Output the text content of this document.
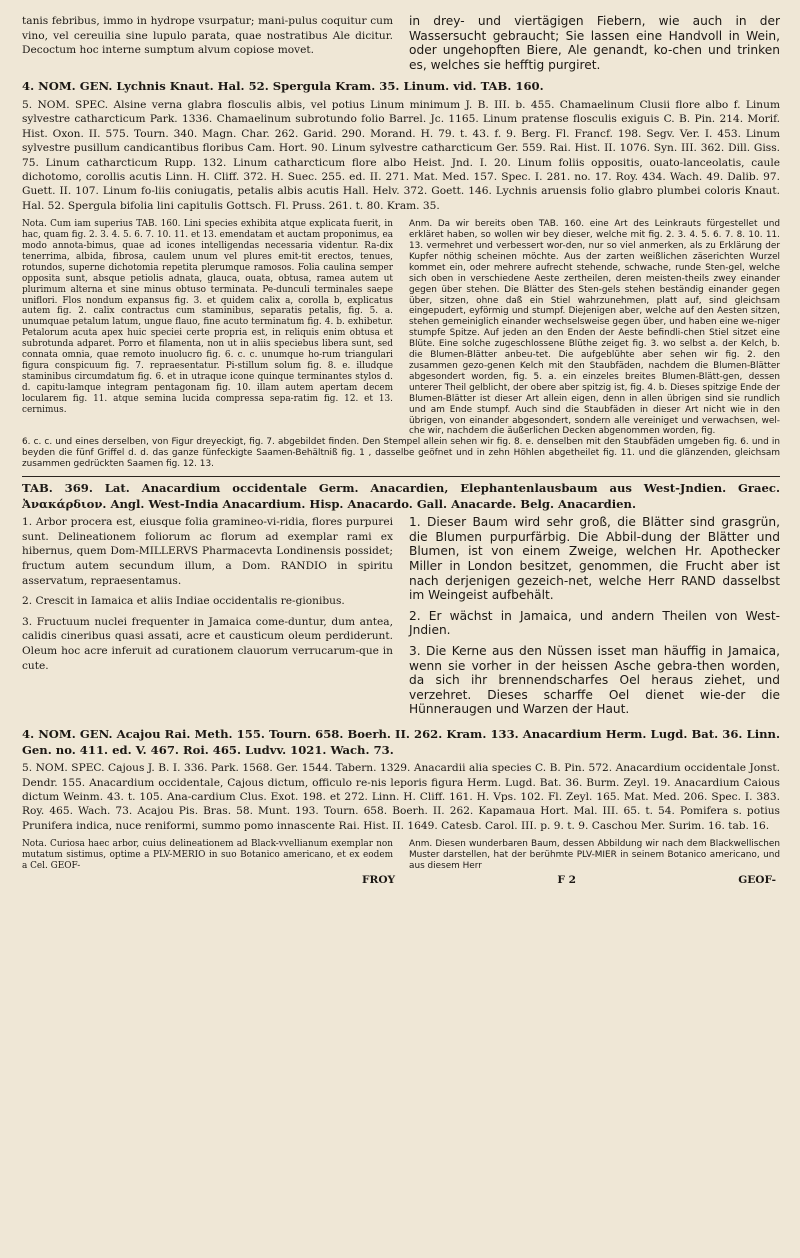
tanis febribus, immo in hydrope vsurpatur; mani-pulus coquitur cum vino, vel cereuilia sine lupulo parata, quae nostratibus Ale dicitur. Decoctum hoc interne sumptum alvum copiose movet.

in drey- und viertägigen Fiebern, wie auch in der Wassersucht gebraucht; Sie lassen eine Handvoll in Wein, oder ungehopften Biere, Ale genandt, ko-chen und trinken es, welches sie hefftig purgiret.

4. NOM. GEN. Lychnis Knaut. Hal. 52. Spergula Kram. 35. Linum. vid. TAB. 160.

5. NOM. SPEC. Alsine verna glabra flosculis albis, vel potius Linum minimum J. B. III. b. 455. Chamaelinum Clusii flore albo f. Linum sylvestre catharcticum Park. 1336. Chamaelinum subrotundo folio Barrel. Jc. 1165. Linum pratense flosculis exiguis C. B. Pin. 214. Morif. Hist. Oxon. II. 575. Tourn. 340. Magn. Char. 262. Garid. 290. Morand. H. 79. t. 43. f. 9. Berg. Fl. Francf. 198. Segv. Ver. I. 453. Linum sylvestre pusillum candicantibus floribus Cam. Hort. 90. Linum sylvestre catharcticum Ger. 559. Rai. Hist. II. 1076. Syn. III. 362. Dill. Giss. 75. Linum catharcticum Rupp. 132. Linum catharcticum flore albo Heist. Jnd. I. 20. Linum foliis oppositis, ouato-lanceolatis, caule dichotomo, corollis acutis Linn. H. Cliff. 372. H. Suec. 255. ed. II. 271. Mat. Med. 157. Spec. I. 281. no. 17. Roy. 434. Wach. 49. Dalib. 97. Guett. II. 107. Linum fo-liis coniugatis, petalis albis acutis Hall. Helv. 372. Goett. 146. Lychnis aruensis folio glabro plumbei coloris Knaut. Hal. 52. Spergula bifolia lini capitulis Gottsch. Fl. Pruss. 261. t. 80. Kram. 35.

Nota. Cum iam superius TAB. 160. Lini species exhibita atque explicata fuerit, in hac, quam fig. 2. 3. 4. 5. 6. 7. 10. 11. et 13. emendatam et auctam proponimus, ea modo annota-bimus, quae ad icones intelligendas necessaria videntur. Ra-dix tenerrima, albida, fibrosa, caulem unum vel plures emit-tit erectos, tenues, rotundos, superne dichotomia repetita plerumque ramosos. Folia caulina semper opposita sunt, absque petiolis adnata, glauca, ouata, obtusa, ramea autem ut plurimum alterna et sine minus obtuso terminata. Pe-dunculi terminales saepe uniflori. Flos nondum expansus fig. 3. et quidem calix a, corolla b, explicatus autem fig. 2. calix contractus cum staminibus, separatis petalis, fig. 5. a. unumquae petalum latum, ungue flauo, fine acuto terminatum fig. 4. b. exhibetur. Petalorum acuta apex huic speciei certe propria est, in reliquis enim obtusa et subrotunda adparet. Porro et filamenta, non ut in aliis speciebus libera sunt, sed connata omnia, quae remoto inuolucro fig. 6. c. c. unumque ho-rum triangulari figura conspicuum fig. 7. repraesentatur. Pi-stillum solum fig. 8. e. illudque staminibus circumdatum fig. 6. et in utraque icone quinque terminantes stylos d. d. capitu-lamque integram pentagonam fig. 10. illam autem apertam decem locularem fig. 11. atque semina lucida compressa sepa-ratim fig. 12. et 13. cernimus.

Anm. Da wir bereits oben TAB. 160. eine Art des Leinkrauts fürgestellet und erkläret haben, so wollen wir bey dieser, welche mit fig. 2. 3. 4. 5. 6. 7. 8. 10. 11. 13. vermehret und verbessert wor-den, nur so viel anmerken, als zu Erklärung der Kupfer nöthig scheinen möchte. Aus der zarten weißlichen zäserichten Wurzel kommet ein, oder mehrere aufrecht stehende, schwache, runde Sten-gel, welche sich oben in verschiedene Aeste zertheilen, deren meisten-theils zwey einander gegen über stehen. Die Blätter des Sten-gels stehen beständig einander gegen über, sitzen, ohne daß ein Stiel wahrzunehmen, platt auf, sind gleichsam eingepudert, eyförmig und stumpf. Diejenigen aber, welche auf den Aesten sitzen, stehen gemeiniglich einander wechselsweise gegen über, und haben eine we-niger stumpfe Spitze. Auf jeden an den Enden der Aeste befindli-chen Stiel sitzet eine Blüte. Eine solche zugeschlossene Blüthe zeiget fig. 3. wo selbst a. der Kelch, b. die Blumen-Blätter anbeu-tet. Die aufgeblühte aber sehen wir fig. 2. den zusammen gezo-genen Kelch mit den Staubfäden, nachdem die Blumen-Blätter abgesondert worden, fig. 5. a. ein einzeles breites Blumen-Blätt-gen, dessen unterer Theil gelblicht, der obere aber spitzig ist, fig. 4. b. Dieses spitzige Ende der Blumen-Blätter ist dieser Art allein eigen, denn in allen übrigen sind sie rundlich und am Ende stumpf. Auch sind die Staubfäden in dieser Art nicht wie in den übrigen, von einander abgesondert, sondern alle vereiniget und verwachsen, wel-che wir, nachdem die äußerlichen Decken abgenommen worden, fig.

6. c. c. und eines derselben, von Figur dreyeckigt, fig. 7. abgebildet finden. Den Stempel allein sehen wir fig. 8. e. denselben mit den Staubfäden umgeben fig. 6. und in beyden die fünf Griffel d. d. das ganze fünfeckigte Saamen-Behältniß fig. 1 , dasselbe geöfnet und in zehn Höhlen abgetheilet fig. 11. und die glänzenden, gleichsam zusammen gedrückten Saamen fig. 12. 13.

TAB. 369. Lat. Anacardium occidentale Germ. Anacardien, Elephantenlausbaum aus West-Jndien. Graec. Ἀνακάρδιον. Angl. West-India Anacardium. Hisp. Anacardo. Gall. Anacarde. Belg. Anacardien.

1. Arbor procera est, eiusque folia gramineo-vi-ridia, flores purpurei sunt. Delineationem foliorum ac florum ad exemplar rami ex hibernus, quem Dom-MILLERVS Pharmacevta Londinensis possidet; fructum autem secundum illum, a Dom. RANDIO in spiritu asservatum, repraesentamus.

2. Crescit in Iamaica et aliis Indiae occidentalis re-gionibus.

3. Fructuum nuclei frequenter in Jamaica come-duntur, dum antea, calidis cineribus quasi assati, acre et causticum oleum perdiderunt. Oleum hoc acre inferuit ad curationem clauorum verrucarum-que in cute.

1. Dieser Baum wird sehr groß, die Blätter sind grasgrün, die Blumen purpurfärbig. Die Abbil-dung der Blätter und Blumen, ist von einem Zweige, welchen Hr. Apothecker Miller in London besitzet, genommen, die Frucht aber ist nach derjenigen gezeich-net, welche Herr RAND dasselbst im Weingeist aufbehält.

2. Er wächst in Jamaica, und andern Theilen von West-Jndien.

3. Die Kerne aus den Nüssen isset man häuffig in Jamaica, wenn sie vorher in der heissen Asche gebra-then worden, da sich ihr brennendscharfes Oel heraus ziehet, und verzehret. Dieses scharffe Oel dienet wie-der die Hünneraugen und Warzen der Haut.

4. NOM. GEN. Acajou Rai. Meth. 155. Tourn. 658. Boerh. II. 262. Kram. 133. Anacardium Herm. Lugd. Bat. 36. Linn. Gen. no. 411. ed. V. 467. Roi. 465. Ludvv. 1021. Wach. 73.

5. NOM. SPEC. Cajous J. B. I. 336. Park. 1568. Ger. 1544. Tabern. 1329. Anacardii alia species C. B. Pin. 572. Anacardium occidentale Jonst. Dendr. 155. Anacardium occidentale, Cajous dictum, officulo re-nis leporis figura Herm. Lugd. Bat. 36. Burm. Zeyl. 19. Anacardium Caious dictum Weinm. 43. t. 105. Ana-cardium Clus. Exot. 198. et 272. Linn. H. Cliff. 161. H. Vps. 102. Fl. Zeyl. 165. Mat. Med. 206. Spec. I. 383. Roy. 465. Wach. 73. Acajou Pis. Bras. 58. Munt. 193. Tourn. 658. Boerh. II. 262. Kapamaua Hort. Mal. III. 65. t. 54. Pomifera s. potius Prunifera indica, nuce reniformi, summo pomo innascente Rai. Hist. II. 1649. Catesb. Carol. III. p. 9. t. 9. Caschou Mer. Surim. 16. tab. 16.

Nota. Curiosa haec arbor, cuius delineationem ad Black-vvellianum exemplar non mutatum sistimus, optime a PLV-MERIO in suo Botanico americano, et ex eodem a Cel. GEOF-

Anm. Diesen wunderbaren Baum, dessen Abbildung wir nach dem Blackwellischen Muster darstellen, hat der berühmte PLV-MIER in seinem Botanico americano, und aus diesem Herr

FROY	F 2	GEOF-
